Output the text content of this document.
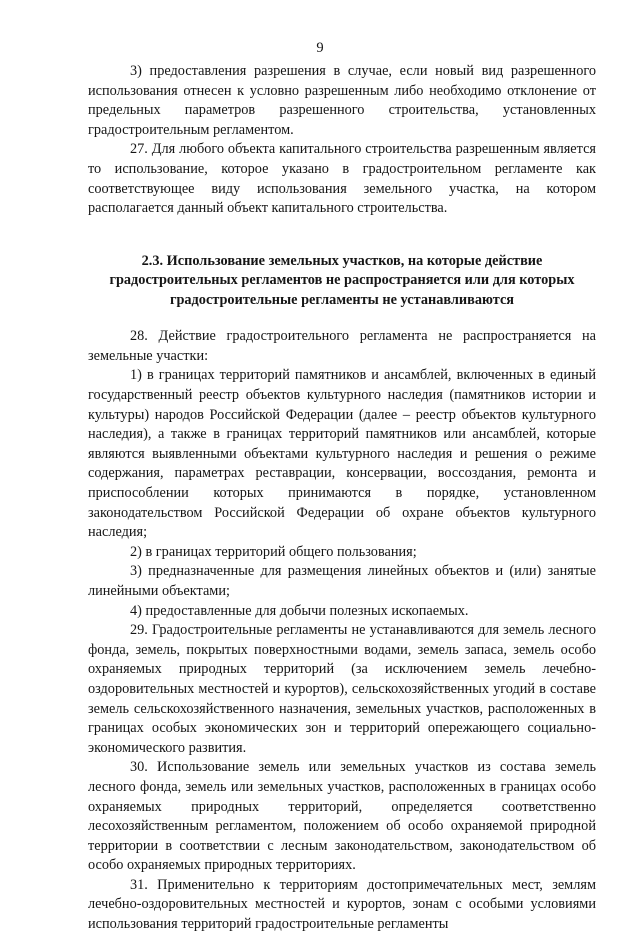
9

3) предоставления разрешения в случае, если новый вид разрешенного использования отнесен к условно разрешенным либо необходимо отклонение от предельных параметров разрешенного строительства, установленных градостроительным регламентом.

27. Для любого объекта капитального строительства разрешенным является то использование, которое указано в градостроительном регламенте как соответствующее виду использования земельного участка, на котором располагается данный объект капитального строительства.

2.3. Использование земельных участков, на которые действие градостроительных регламентов не распространяется или для которых градостроительные регламенты не устанавливаются

28. Действие градостроительного регламента не распространяется на земельные участки:

1) в границах территорий памятников и ансамблей, включенных в единый государственный реестр объектов культурного наследия (памятников истории и культуры) народов Российской Федерации (далее – реестр объектов культурного наследия), а также в границах территорий памятников или ансамблей, которые являются выявленными объектами культурного наследия и решения о режиме содержания, параметрах реставрации, консервации, воссоздания, ремонта и приспособлении которых принимаются в порядке, установленном законодательством Российской Федерации об охране объектов культурного наследия;

2) в границах территорий общего пользования;

3) предназначенные для размещения линейных объектов и (или) занятые линейными объектами;

4) предоставленные для добычи полезных ископаемых.

29. Градостроительные регламенты не устанавливаются для земель лесного фонда, земель, покрытых поверхностными водами, земель запаса, земель особо охраняемых природных территорий (за исключением земель лечебно-оздоровительных местностей и курортов), сельскохозяйственных угодий в составе земель сельскохозяйственного назначения, земельных участков, расположенных в границах особых экономических зон и территорий опережающего социально-экономического развития.

30. Использование земель или земельных участков из состава земель лесного фонда, земель или земельных участков, расположенных в границах особо охраняемых природных территорий, определяется соответственно лесохозяйственным регламентом, положением об особо охраняемой природной территории в соответствии с лесным законодательством, законодательством об особо охраняемых природных территориях.

31. Применительно к территориям достопримечательных мест, землям лечебно-оздоровительных местностей и курортов, зонам с особыми условиями использования территорий градостроительные регламенты
